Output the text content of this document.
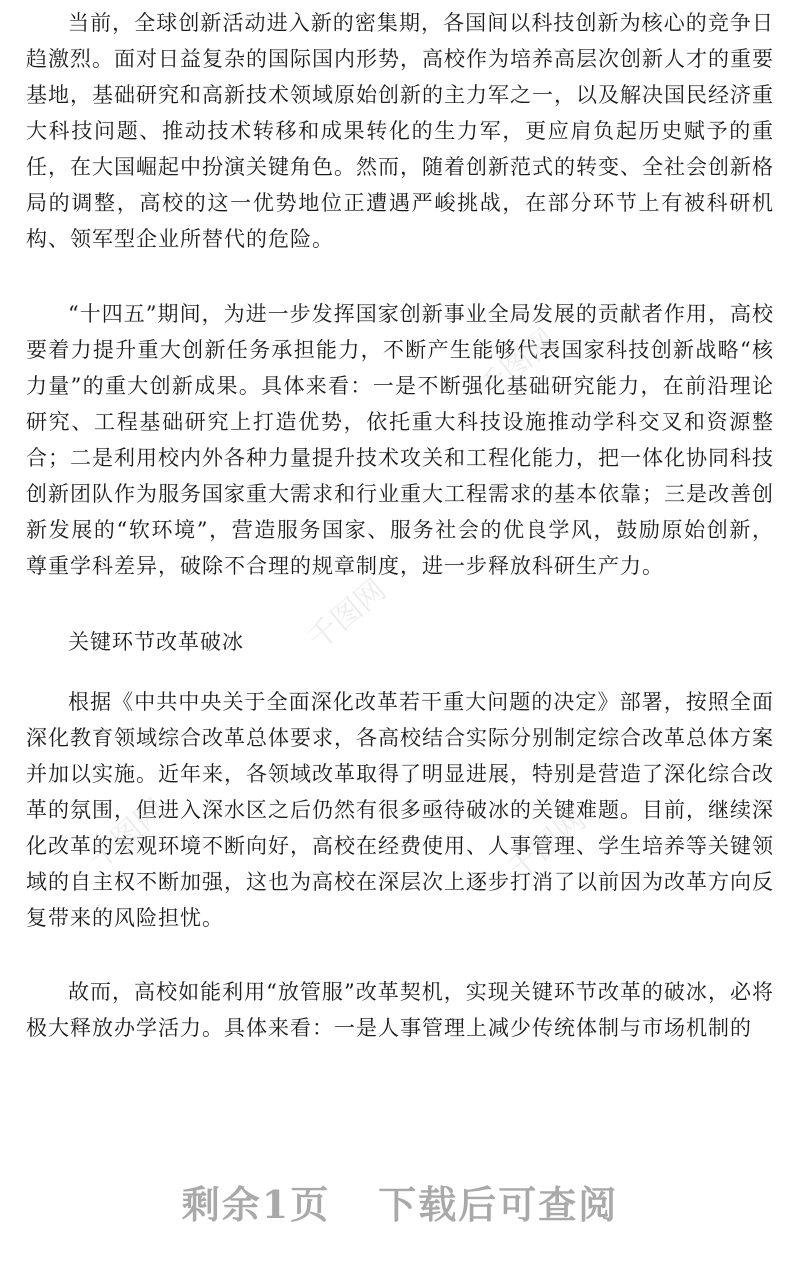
当前，全球创新活动进入新的密集期，各国间以科技创新为核心的竞争日趋激烈。面对日益复杂的国际国内形势，高校作为培养高层次创新人才的重要基地，基础研究和高新技术领域原始创新的主力军之一，以及解决国民经济重大科技问题、推动技术转移和成果转化的生力军，更应肩负起历史赋予的重任，在大国崛起中扮演关键角色。然而，随着创新范式的转变、全社会创新格局的调整，高校的这一优势地位正遭遇严峻挑战，在部分环节上有被科研机构、领军型企业所替代的危险。

“十四五”期间，为进一步发挥国家创新事业全局发展的贡献者作用，高校要着力提升重大创新任务承担能力，不断产生能够代表国家科技创新战略“核力量”的重大创新成果。具体来看：一是不断强化基础研究能力，在前沿理论研究、工程基础研究上打造优势，依托重大科技设施推动学科交叉和资源整合；二是利用校内外各种力量提升技术攻关和工程化能力，把一体化协同科技创新团队作为服务国家重大需求和行业重大工程需求的基本依靠；三是改善创新发展的“软环境”，营造服务国家、服务社会的优良学风，鼓励原始创新，尊重学科差异，破除不合理的规章制度，进一步释放科研生产力。

关键环节改革破冰

根据《中共中央关于全面深化改革若干重大问题的决定》部署，按照全面深化教育领域综合改革总体要求，各高校结合实际分别制定综合改革总体方案并加以实施。近年来，各领域改革取得了明显进展，特别是营造了深化综合改革的氛围，但进入深水区之后仍然有很多亟待破冰的关键难题。目前，继续深化改革的宏观环境不断向好，高校在经费使用、人事管理、学生培养等关键领域的自主权不断加强，这也为高校在深层次上逐步打消了以前因为改革方向反复带来的风险担忧。

故而，高校如能利用“放管服”改革契机，实现关键环节改革的破冰，必将极大释放办学活力。具体来看：一是人事管理上减少传统体制与市场机制的

千图网
千图网
千图网	千图网
剩余1页 下载后可查阅
